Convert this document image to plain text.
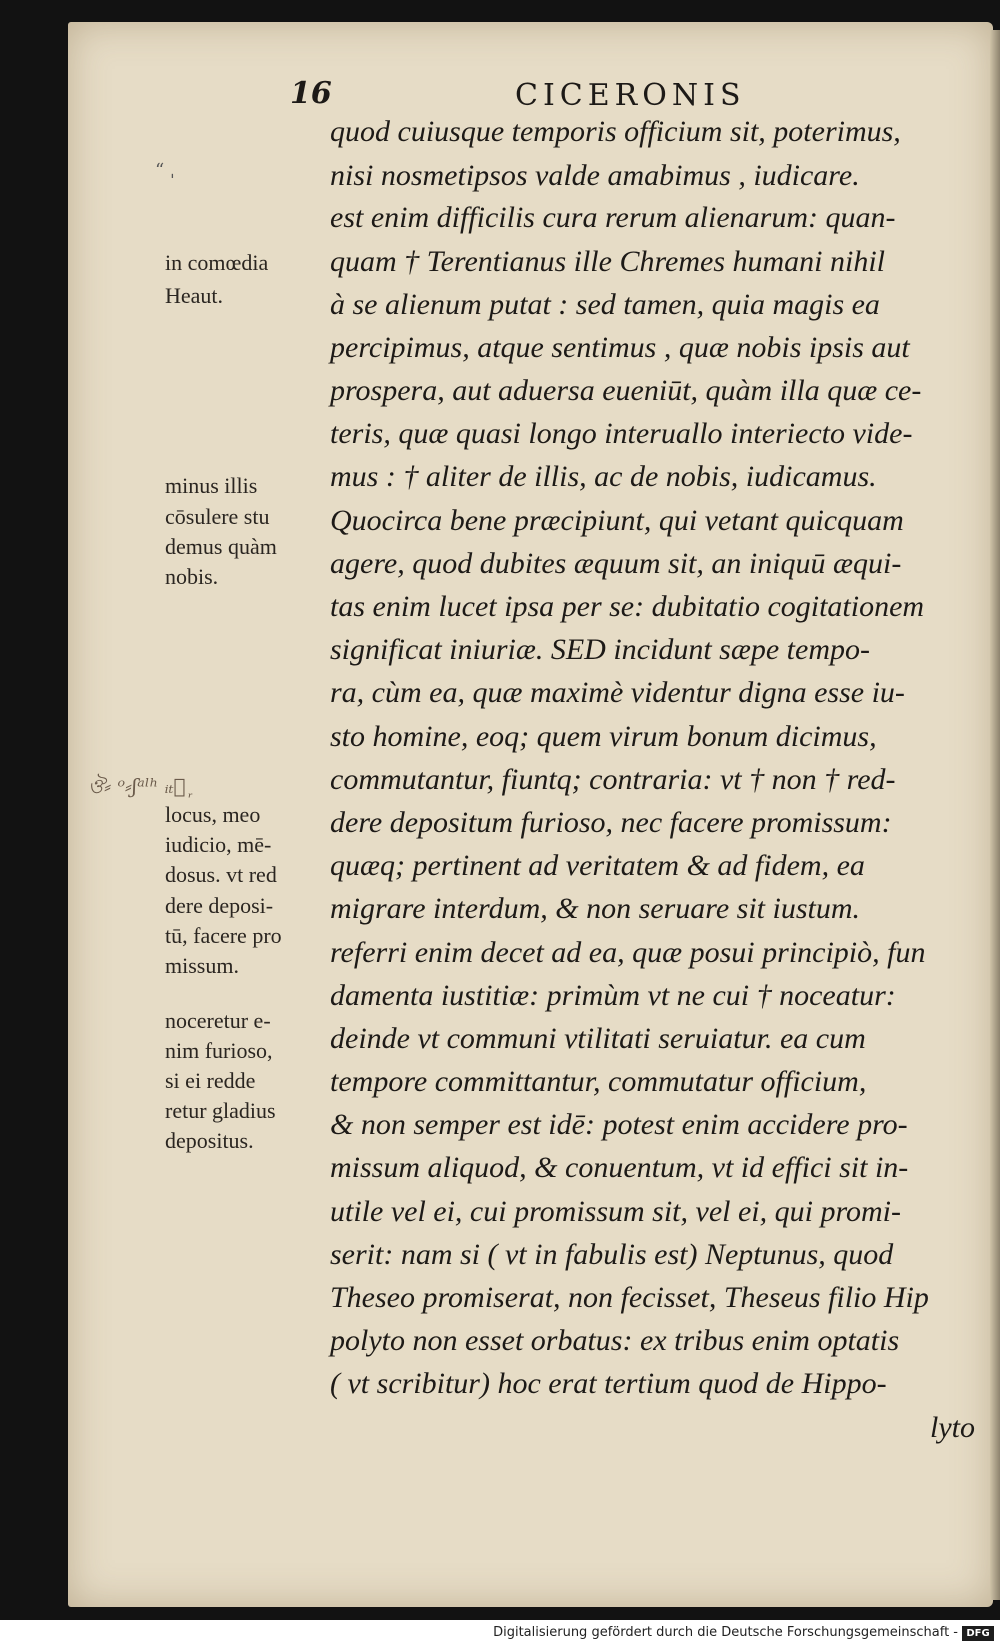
16	CICERONIS
“ ˌ
ঔ⸗ ᵒ⸗ʃᵃˡʰ ᵢₜ᷊ ᷊
quod cuiusque temporis officium sit, poterimus,
nisi nosmetipsos valde amabimus , iudicare.
est enim difficilis cura rerum alienarum: quan-
quam † Terentianus ille Chremes humani nihil
à se alienum putat : sed tamen, quia magis ea
percipimus, atque sentimus , quæ nobis ipsis aut
prospera, aut aduersa eueniūt, quàm illa quæ ce-
teris, quæ quasi longo interuallo interiecto vide-
mus : † aliter de illis, ac de nobis, iudicamus.
Quocirca bene præcipiunt, qui vetant quicquam
agere, quod dubites æquum sit, an iniquū æqui-
tas enim lucet ipsa per se: dubitatio cogitationem
significat iniuriæ. SED incidunt sæpe tempo-
ra, cùm ea, quæ maximè videntur digna esse iu-
sto homine, eoq; quem virum bonum dicimus,
commutantur, fiuntq; contraria: vt † non † red-
dere depositum furioso, nec facere promissum:
quæq; pertinent ad veritatem & ad fidem, ea
migrare interdum, & non seruare sit iustum.
referri enim decet ad ea, quæ posui principiò, fun
damenta iustitiæ: primùm vt ne cui † noceatur:
deinde vt communi vtilitati seruiatur. ea cum
tempore committantur, commutatur officium,
& non semper est idē: potest enim accidere pro-
missum aliquod, & conuentum, vt id effici sit in-
utile vel ei, cui promissum sit, vel ei, qui promi-
serit: nam si ( vt in fabulis est) Neptunus, quod
Theseo promiserat, non fecisset, Theseus filio Hip
polyto non esset orbatus: ex tribus enim optatis
( vt scribitur) hoc erat tertium quod de Hippo-
lyto
in comœdia
Heaut.
minus illis
cōsulere stu
demus quàm
nobis.
locus, meo
iudicio, mē-
dosus. vt red
dere deposi-
tū, facere pro
missum.
noceretur e-
nim furioso,
si ei redde
retur gladius
depositus.
Digitalisierung gefördert durch die Deutsche Forschungsgemeinschaft - DFG
